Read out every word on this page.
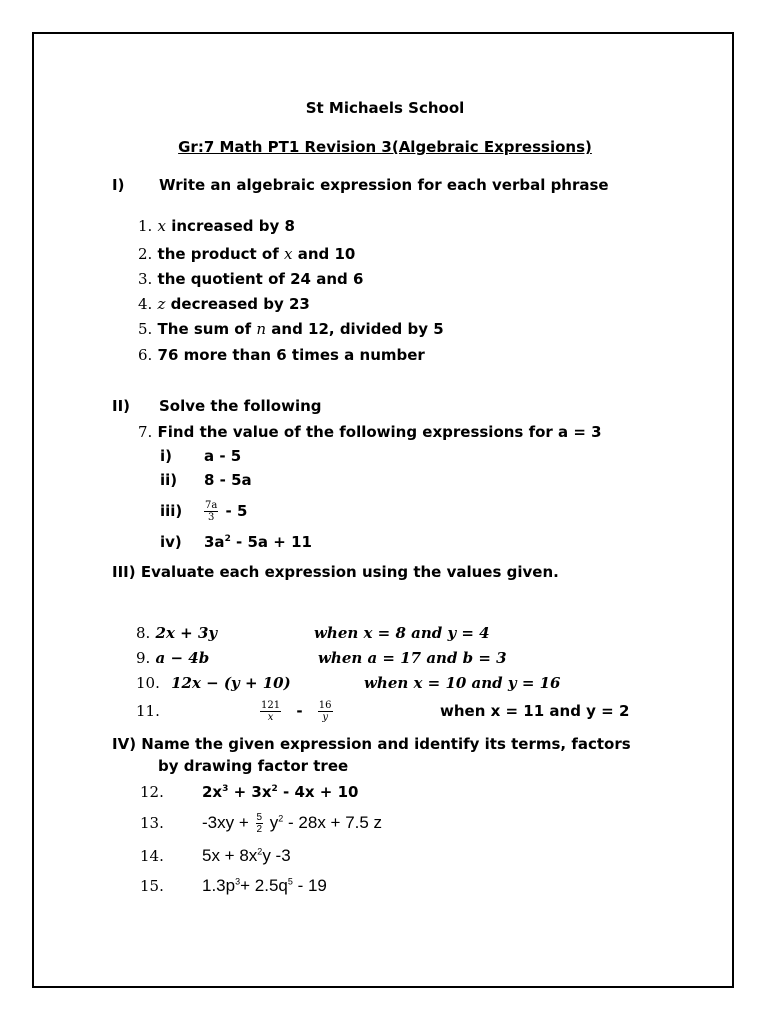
St Michaels School
Gr:7 Math PT1 Revision 3(Algebraic Expressions)
I) Write an algebraic expression for each verbal phrase
1. x increased by 8
2. the product of x and 10
3. the quotient of 24 and 6
4. z decreased by 23
5. The sum of n and 12, divided by 5
6. 76 more than 6 times a number
II) Solve the following
7. Find the value of the following expressions for a = 3
i) a - 5
ii) 8 - 5a
$iii) \frac{7a}{3} - 5$
iv) $3a^2 - 5a + 11$
III) Evaluate each expression using the values given.
8. 2x + 3y	when x = 8 and y = 4
9. a − 4b	when a = 17 and b = 3
10. 12x − (y + 10)	when x = 10 and y = 16
11.	$\frac{121}{x} - \frac{16}{y}$	when x = 11 and y = 2
IV) Name the given expression and identify its terms, factors
by drawing factor tree
12.	$2x^3 + 3x^2 - 4x + 10$
13. $-3xy + \frac{5}{2} y^2 - 28x + 7.5$ z
14. $5x + 8x^2y$ -3
15. $1.3p^3+ 2.5q^5 - 19$
